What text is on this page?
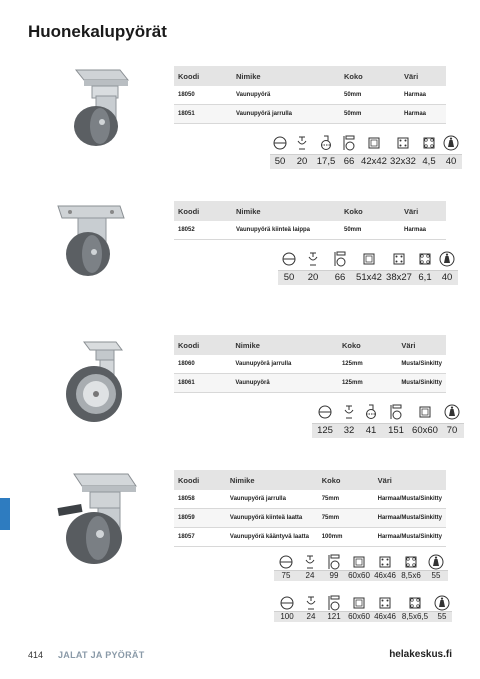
Huonekalupyörät
Koodi	Nimike	Koko	Väri
18050	Vaunupyörä	50mm	Harmaa
18051	Vaunupyörä jarrulla	50mm	Harmaa
50	20 17,5 66 42x42 32x32 4,5	40
Koodi	Nimike	Koko	Väri
18052	Vaunupyörä kiinteä laippa	50mm	Harmaa
50	20	66	51x42 38x27 6,1	40
Koodi	Nimike	Koko	Väri
18060	Vaunupyörä jarrulla	125mm	Musta/Sinkitty
18061	Vaunupyörä	125mm	Musta/Sinkitty
125	32	41	151 60x60 70
Koodi	Nimike	Koko	Väri
18058	Vaunupyörä jarrulla	75mm	Harmaa/Musta/Sinkitty
18059	Vaunupyörä kiinteä laatta	75mm	Harmaa/Musta/Sinkitty
18057	Vaunupyörä kääntyvä laatta	100mm	Harmaa/Musta/Sinkitty
75	24	99	60x60 46x46 8,5x6	55
100	24	121 60x60 46x46 8,5x6,5	55
414 JALAT JA PYÖRÄT	helakeskus.fi
